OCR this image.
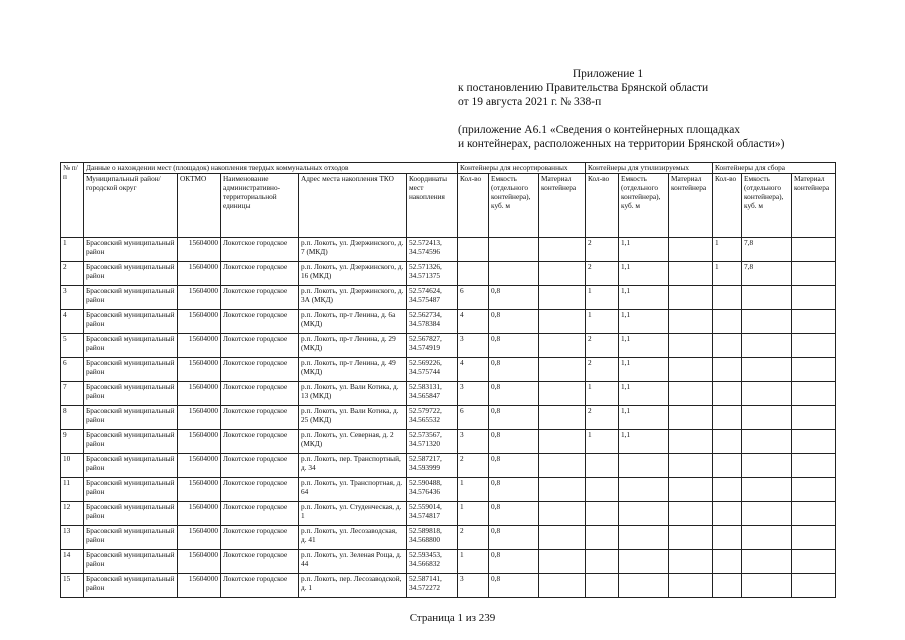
Приложение 1
к постановлению Правительства Брянской области
от 19 августа 2021 г. № 338-п
(приложение А6.1 «Сведения о контейнерных площадках
и контейнерах, расположенных на территории Брянской области»)
№ п/п	Данные о нахождении мест (площадок) накопления твердых коммунальных отходов					Контейнеры для несортированных			Контейнеры для утилизируемых			Контейнеры для сбора		
	Муниципальный район/городской округ	ОКТМО	Наименование административно-территориальной единицы	Адрес места накопления ТКО	Координаты мест накопления	Кол-во	Емкость (отдельного контейнера), куб. м	Материал контейнера	Кол-во	Емкость (отдельного контейнера), куб. м	Материал контейнера	Кол-во	Емкость (отдельного контейнера), куб. м	Материал контейнера
1	Брасовский муниципальный район	15604000	Локотское городское	р.п. Локоть, ул. Дзержинского, д. 7 (МКД)	52.572413, 34.574596				2	1,1		1	7,8	
2	Брасовский муниципальный район	15604000	Локотское городское	р.п. Локоть, ул. Дзержинского, д. 16 (МКД)	52.571326, 34.571375				2	1,1		1	7,8	
3	Брасовский муниципальный район	15604000	Локотское городское	р.п. Локоть, ул. Дзержинского, д. 3А (МКД)	52.574624, 34.575487	6	0,8		1	1,1				
4	Брасовский муниципальный район	15604000	Локотское городское	р.п. Локоть, пр-т Ленина, д. 6а (МКД)	52.562734, 34.578384	4	0,8		1	1,1				
5	Брасовский муниципальный район	15604000	Локотское городское	р.п. Локоть, пр-т Ленина, д. 29 (МКД)	52.567827, 34.574919	3	0,8		2	1,1				
6	Брасовский муниципальный район	15604000	Локотское городское	р.п. Локоть, пр-т Ленина, д. 49 (МКД)	52.569226, 34.575744	4	0,8		2	1,1				
7	Брасовский муниципальный район	15604000	Локотское городское	р.п. Локоть, ул. Вали Котика, д. 13 (МКД)	52.583131, 34.565847	3	0,8		1	1,1				
8	Брасовский муниципальный район	15604000	Локотское городское	р.п. Локоть, ул. Вали Котика, д. 25 (МКД)	52.579722, 34.565532	6	0,8		2	1,1				
9	Брасовский муниципальный район	15604000	Локотское городское	р.п. Локоть, ул. Северная, д. 2 (МКД)	52.573567, 34.571320	3	0,8		1	1,1				
10	Брасовский муниципальный район	15604000	Локотское городское	р.п. Локоть, пер. Транспортный, д. 34	52.587217, 34.593999	2	0,8							
11	Брасовский муниципальный район	15604000	Локотское городское	р.п. Локоть, ул. Транспортная, д. 64	52.590488, 34.576436	1	0,8							
12	Брасовский муниципальный район	15604000	Локотское городское	р.п. Локоть, ул. Студенческая, д. 1	52.559014, 34.574817	1	0,8							
13	Брасовский муниципальный район	15604000	Локотское городское	р.п. Локоть, ул. Лесозаводская, д. 41	52.589818, 34.568800	2	0,8							
14	Брасовский муниципальный район	15604000	Локотское городское	р.п. Локоть, ул. Зеленая Роща, д. 44	52.593453, 34.566832	1	0,8							
15	Брасовский муниципальный район	15604000	Локотское городское	р.п. Локоть, пер. Лесозаводской, д. 1	52.587141, 34.572272	3	0,8							
Страница 1 из 239
